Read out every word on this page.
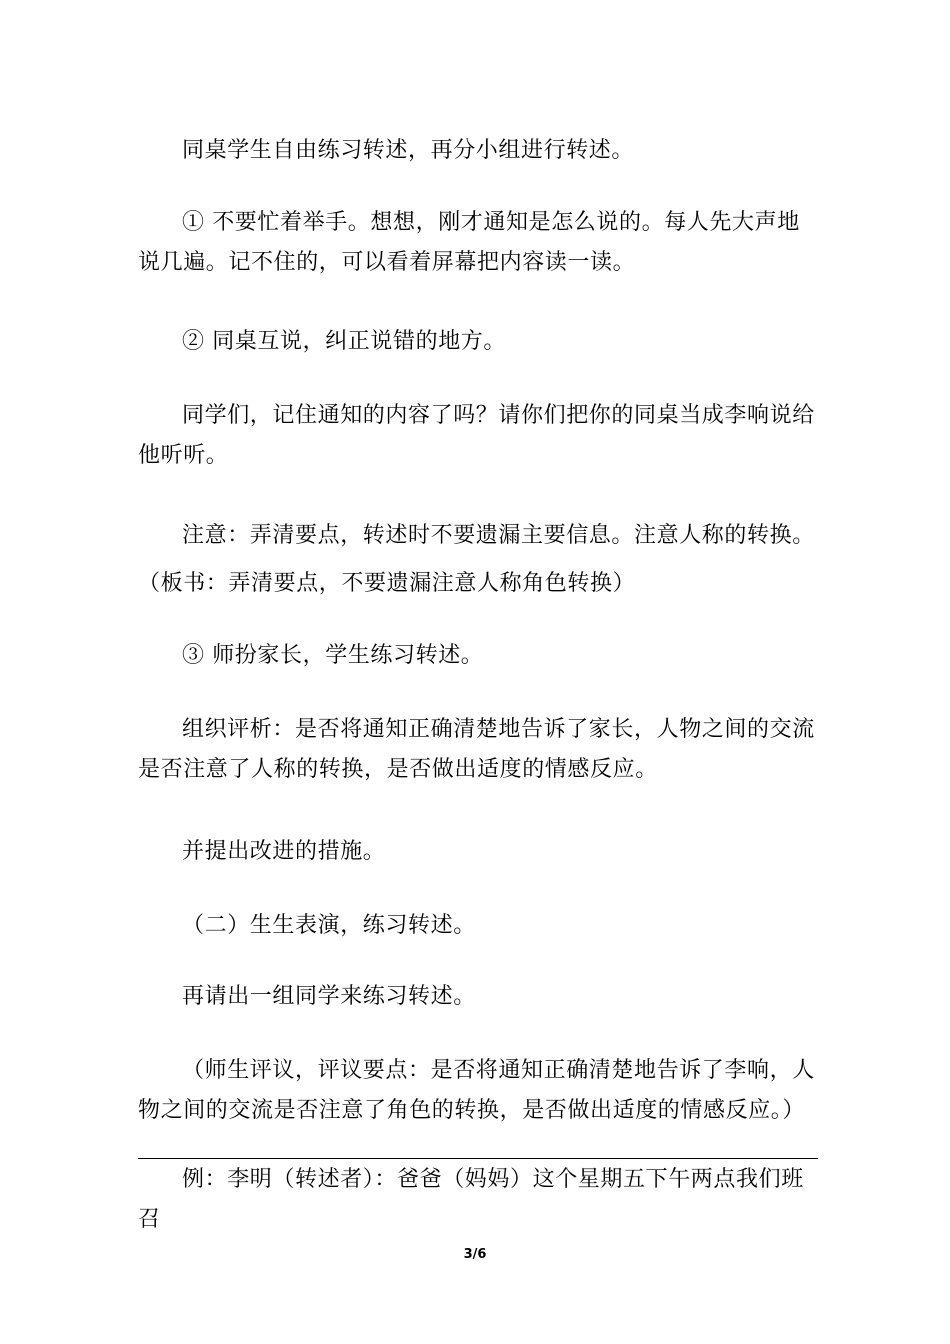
同桌学生自由练习转述，再分小组进行转述。

① 不要忙着举手。想想，刚才通知是怎么说的。每人先大声地说几遍。记不住的，可以看着屏幕把内容读一读。

② 同桌互说，纠正说错的地方。

同学们，记住通知的内容了吗？请你们把你的同桌当成李响说给他听听。

注意：弄清要点，转述时不要遗漏主要信息。注意人称的转换。

（板书：弄清要点，不要遗漏注意人称角色转换）

③ 师扮家长，学生练习转述。

组织评析：是否将通知正确清楚地告诉了家长，人物之间的交流是否注意了人称的转换，是否做出适度的情感反应。

并提出改进的措施。

（二）生生表演，练习转述。

再请出一组同学来练习转述。

（师生评议，评议要点：是否将通知正确清楚地告诉了李响，人物之间的交流是否注意了角色的转换，是否做出适度的情感反应。）

例：李明（转述者）：爸爸（妈妈）这个星期五下午两点我们班召

3/6
